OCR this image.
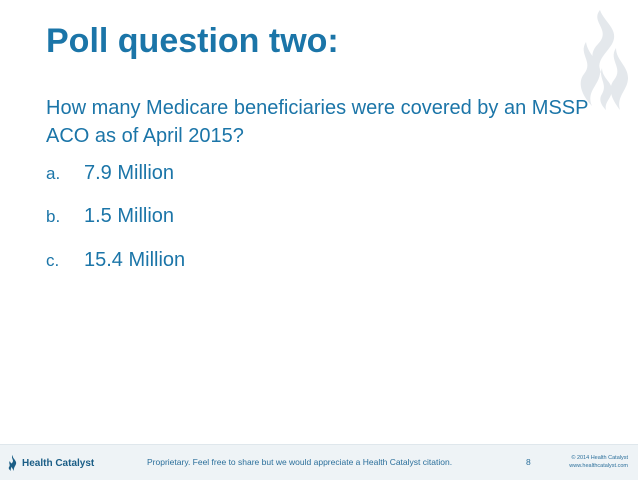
Poll question two:
How many Medicare beneficiaries were covered by an MSSP ACO as of April 2015?
a. 7.9 Million
b. 1.5 Million
c. 15.4 Million
Health Catalyst	Proprietary. Feel free to share but we would appreciate a Health Catalyst citation.	8	© 2014 Health Catalyst
www.healthcatalyst.com
